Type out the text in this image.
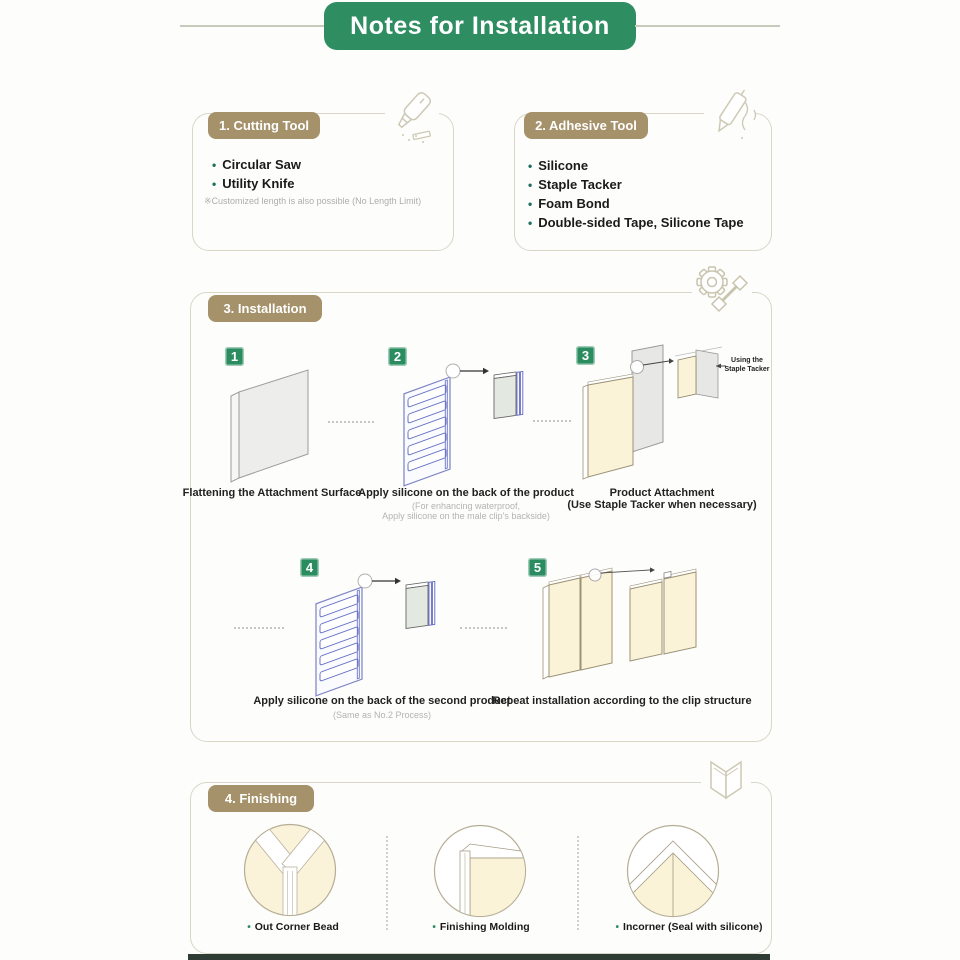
Notes for Installation
1. Cutting Tool
• Circular Saw
• Utility Knife
※Customized length is also possible (No Length Limit)
2. Adhesive Tool
• Silicone
• Staple Tacker
• Foam Bond
• Double-sided Tape, Silicone Tape
3. Installation
1	2	3
4	5
Using the
Staple Tacker
Flattening the Attachment Surface
Apply silicone on the back of the product
(For enhancing waterproof,
Apply silicone on the male clip's backside)
Product Attachment
(Use Staple Tacker when necessary)
Apply silicone on the back of the second product
(Same as No.2 Process)
Repeat installation according to the clip structure
4. Finishing
• Out Corner Bead	• Finishing Molding	• Incorner (Seal with silicone)
